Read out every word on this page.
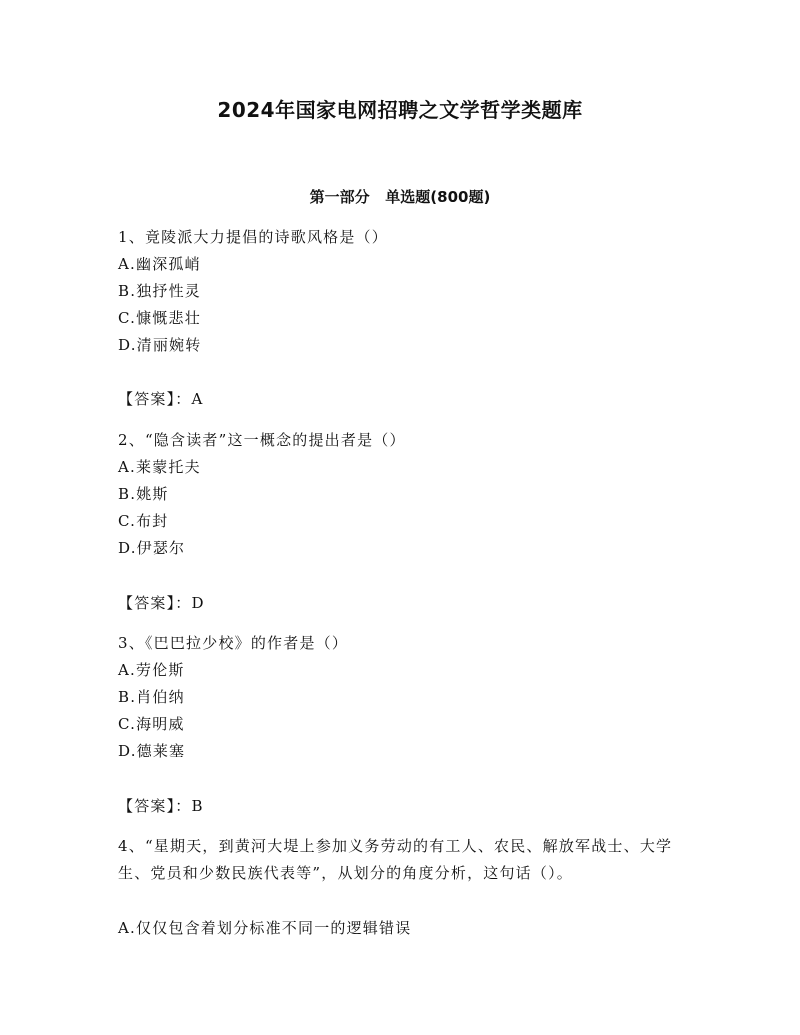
2024年国家电网招聘之文学哲学类题库
第一部分   单选题(800题)
1、竟陵派大力提倡的诗歌风格是（）
A.幽深孤峭
B.独抒性灵
C.慷慨悲壮
D.清丽婉转
【答案】：A
2、“隐含读者”这一概念的提出者是（）
A.莱蒙托夫
B.姚斯
C.布封
D.伊瑟尔
【答案】：D
3、《巴巴拉少校》的作者是（）
A.劳伦斯
B.肖伯纳
C.海明威
D.德莱塞
【答案】：B
4、“星期天，到黄河大堤上参加义务劳动的有工人、农民、解放军战士、大学生、党员和少数民族代表等”，从划分的角度分析，这句话（）。
A.仅仅包含着划分标准不同一的逻辑错误
